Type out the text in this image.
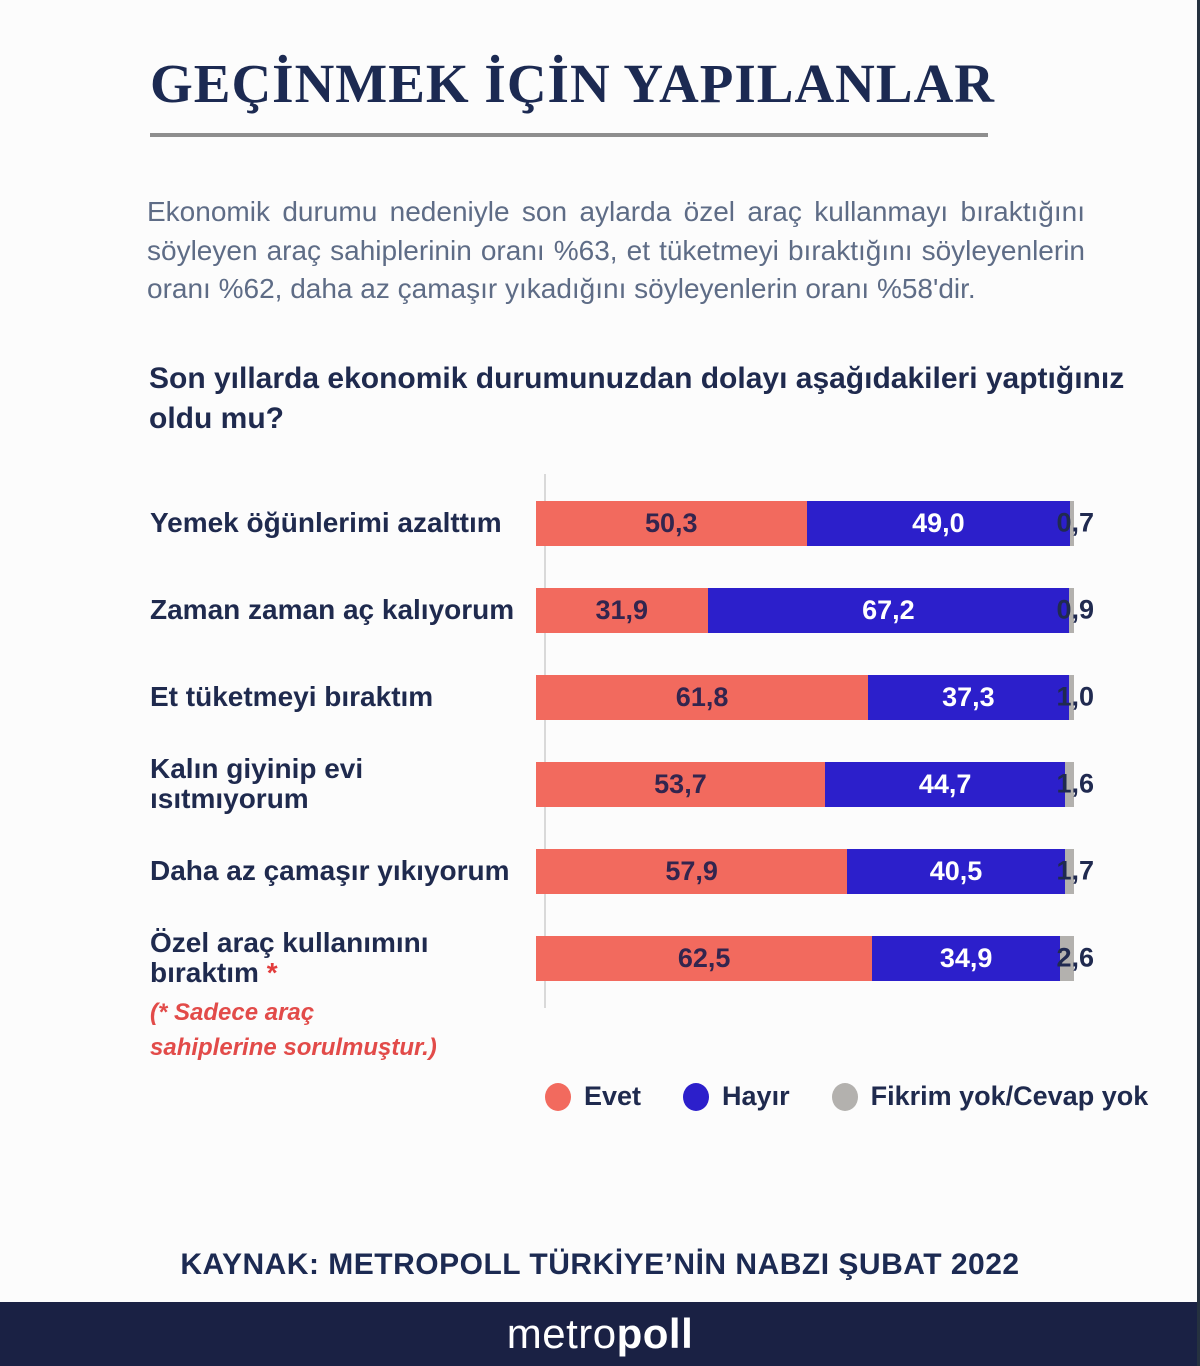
GEÇİNMEK İÇİN YAPILANLAR

Ekonomik durumu nedeniyle son aylarda özel araç kullanmayı bıraktığını söyleyen araç sahiplerinin oranı %63, et tüketmeyi bıraktığını söyleyenlerin oranı %62, daha az çamaşır yıkadığını söyleyenlerin oranı %58'dir.

Son yıllarda ekonomik durumunuzdan dolayı aşağıdakileri yaptığınız
oldu mu?
Yemek öğünlerimi azalttım	50,3	49,0	0,7
Zaman zaman aç kalıyorum	31,9	67,2	0,9
Et tüketmeyi bıraktım	61,8	37,3 1,0
Kalın giyinip evi ısıtmıyorum	53,7	44,7	1,6
Daha az çamaşır yıkıyorum	57,9	40,5	1,7
Özel araç kullanımını bıraktım *	62,5	34,9 2,6
(* Sadece araç
sahiplerine sorulmuştur.)
Evet	Hayır	Fikrim yok/Cevap yok
KAYNAK: METROPOLL TÜRKİYE’NİN NABZI ŞUBAT 2022
metropoll
